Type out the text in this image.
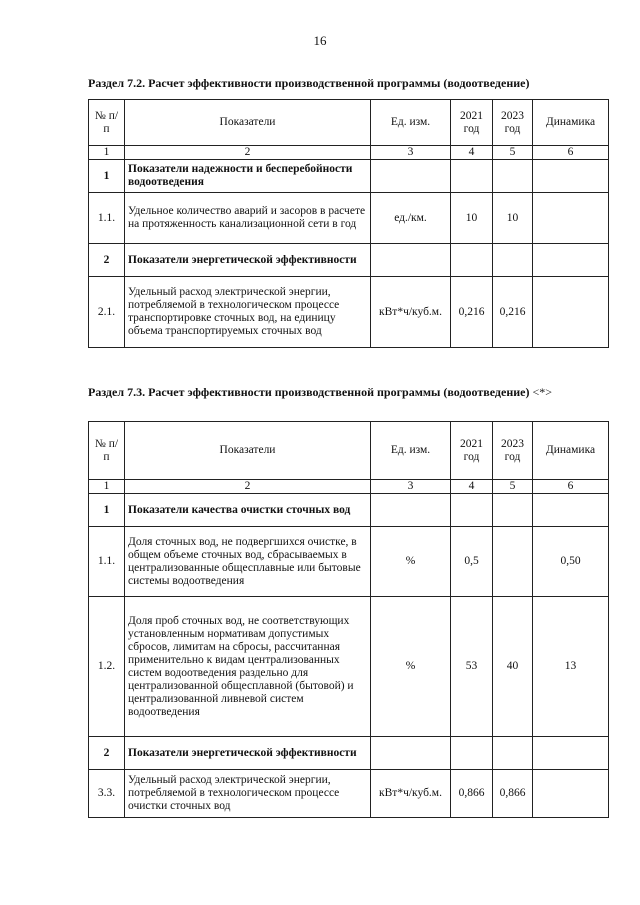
16
Раздел 7.2. Расчет эффективности производственной программы (водоотведение)
№ п/п	Показатели	Ед. изм.	2021 год	2023 год	Динамика
1	2	3	4	5	6
1	Показатели надежности и бесперебойности водоотведения				
1.1.	Удельное количество аварий и засоров в расчете на протяженность канализационной сети в год	ед./км.	10	10	
2	Показатели энергетической эффективности				
2.1.	Удельный расход электрической энергии, потребляемой в технологическом процессе транспортировке сточных вод, на единицу объема транспортируемых сточных вод	кВт*ч/куб.м.	0,216	0,216	
Раздел 7.3. Расчет эффективности производственной программы (водоотведение) <*>
№ п/п	Показатели	Ед. изм.	2021 год	2023 год	Динамика
1	2	3	4	5	6
1	Показатели качества очистки сточных вод				
1.1.	Доля сточных вод, не подвергшихся очистке, в общем объеме сточных вод, сбрасываемых в централизованные общесплавные или бытовые системы водоотведения	%	0,5		0,50
1.2.	Доля проб сточных вод, не соответствующих установленным нормативам допустимых сбросов, лимитам на сбросы, рассчитанная применительно к видам централизованных систем водоотведения раздельно для централизованной общесплавной (бытовой) и централизованной ливневой систем водоотведения	%	53	40	13
2	Показатели энергетической эффективности				
3.3.	Удельный расход электрической энергии, потребляемой в технологическом процессе очистки сточных вод	кВт*ч/куб.м.	0,866	0,866	
